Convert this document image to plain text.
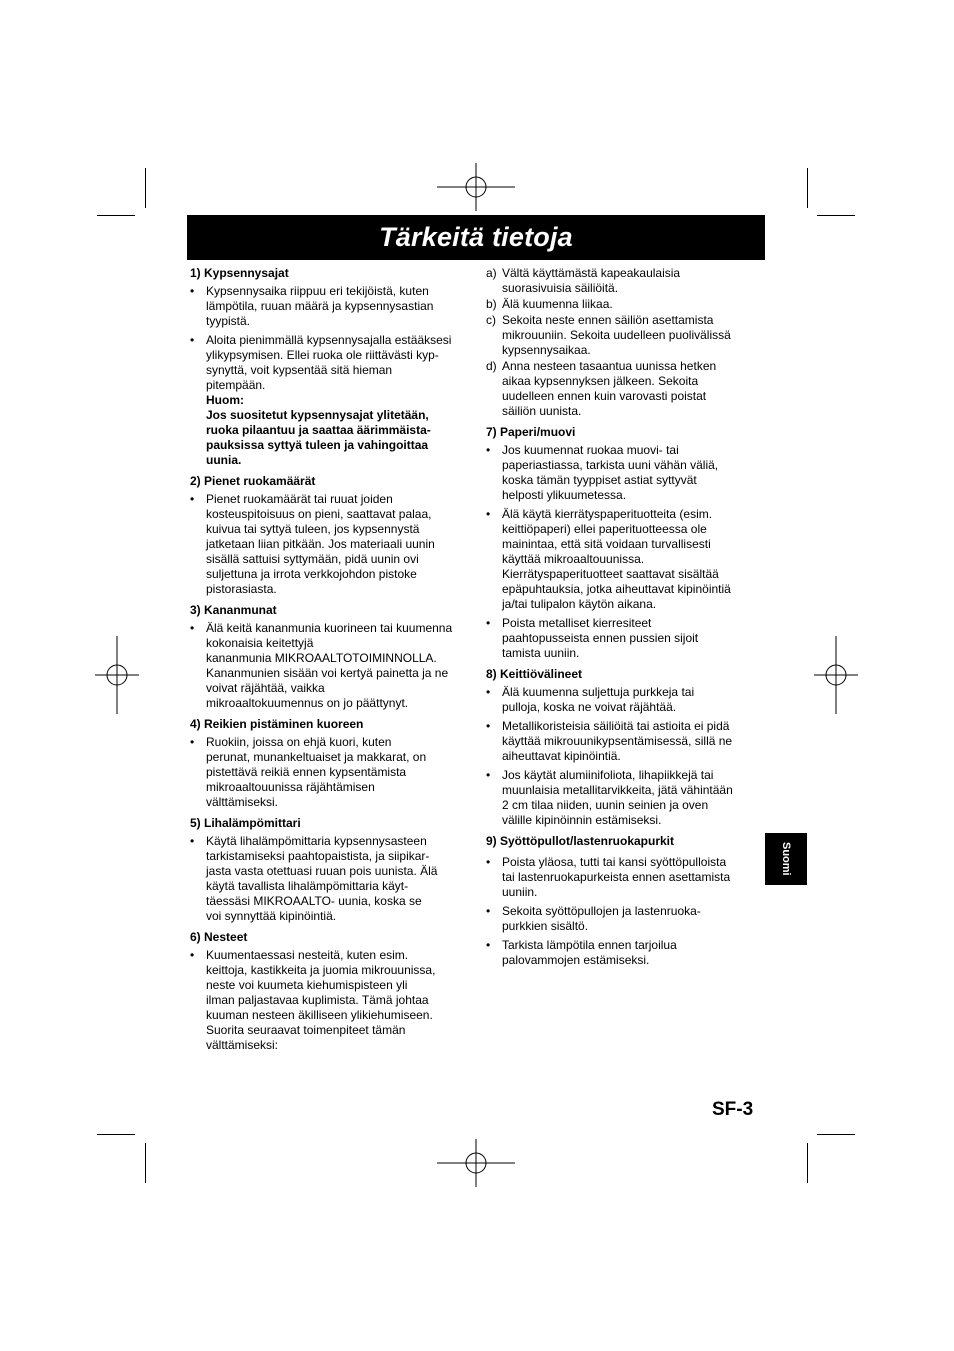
Tärkeitä tietoja
1) Kypsennysajat
• Kypsennysaika riippuu eri tekijöistä, kuten
lämpötila, ruuan määrä ja kypsennysastian
tyypistä.
• Aloita pienimmällä kypsennysajalla estääksesi
ylikypsymisen. Ellei ruoka ole riittävästi kyp-
synyttä, voit kypsentää sitä hieman
pitempään.
Huom:
Jos suositetut kypsennysajat ylitetään,
ruoka pilaantuu ja saattaa äärimmäista-
pauksissa syttyä tuleen ja vahingoittaa
uunia.
2) Pienet ruokamäärät
• Pienet ruokamäärät tai ruuat joiden
kosteuspitoisuus on pieni, saattavat palaa,
kuivua tai syttyä tuleen, jos kypsennystä
jatketaan liian pitkään. Jos materiaali uunin
sisällä sattuisi syttymään, pidä uunin ovi
suljettuna ja irrota verkkojohdon pistoke
pistorasiasta.
3) Kananmunat
• Älä keitä kananmunia kuorineen tai kuumenna
kokonaisia keitettyjä
kananmunia MIKROAALTOTOIMINNOLLA.
Kananmunien sisään voi kertyä painetta ja ne
voivat räjähtää, vaikka
mikroaaltokuumennus on jo päättynyt.
4) Reikien pistäminen kuoreen
• Ruokiin, joissa on ehjä kuori, kuten
perunat, munankeltuaiset ja makkarat, on
pistettävä reikiä ennen kypsentämista
mikroaaltouunissa räjähtämisen
välttämiseksi.
5) Lihalämpömittari
• Käytä lihalämpömittaria kypsennysasteen
tarkistamiseksi paahtopaistista, ja siipikar-
jasta vasta otettuasi ruuan pois uunista. Älä
käytä tavallista lihalämpömittaria käyt-
täessäsi MIKROAALTO- uunia, koska se
voi synnyttää kipinöintiä.
6) Nesteet
• Kuumentaessasi nesteitä, kuten esim.
keittoja, kastikkeita ja juomia mikrouunissa,
neste voi kuumeta kiehumispisteen yli
ilman paljastavaa kuplimista. Tämä johtaa
kuuman nesteen äkilliseen ylikiehumiseen.
Suorita seuraavat toimenpiteet tämän
välttämiseksi:
a) Vältä käyttämästä kapeakaulaisia
suorasivuisia säiliöitä.
b) Älä kuumenna liikaa.
c) Sekoita neste ennen säiliön asettamista
mikrouuniin. Sekoita uudelleen puolivälissä
kypsennysaikaa.
d) Anna nesteen tasaantua uunissa hetken
aikaa kypsennyksen jälkeen. Sekoita
uudelleen ennen kuin varovasti poistat
säiliön uunista.
7) Paperi/muovi
• Jos kuumennat ruokaa muovi- tai
paperiastiassa, tarkista uuni vähän väliä,
koska tämän tyyppiset astiat syttyvät
helposti ylikuumetessa.
• Älä käytä kierrätyspaperituotteita (esim.
keittiöpaperi) ellei paperituotteessa ole
mainintaa, että sitä voidaan turvallisesti
käyttää mikroaaltouunissa.
Kierrätyspaperituotteet saattavat sisältää
epäpuhtauksia, jotka aiheuttavat kipinöintiä
ja/tai tulipalon käytön aikana.
• Poista metalliset kierresiteet
paahtopusseista ennen pussien sijoit
tamista uuniin.
8) Keittiövälineet
• Älä kuumenna suljettuja purkkeja tai
pulloja, koska ne voivat räjähtää.
• Metallikoristeisia säiliöitä tai astioita ei pidä
käyttää mikrouunikypsentämisessä, sillä ne
aiheuttavat kipinöintiä.
• Jos käytät alumiinifoliota, lihapiikkejä tai
muunlaisia metallitarvikkeita, jätä vähintään
2 cm tilaa niiden, uunin seinien ja oven
välille kipinöinnin estämiseksi.
9) Syöttöpullot/lastenruokapurkit
• Poista yläosa, tutti tai kansi syöttöpulloista
tai lastenruokapurkeista ennen asettamista
uuniin.
• Sekoita syöttöpullojen ja lastenruoka-
purkkien sisältö.
• Tarkista lämpötila ennen tarjoilua
palovammojen estämiseksi.
Suomi
SF-3
